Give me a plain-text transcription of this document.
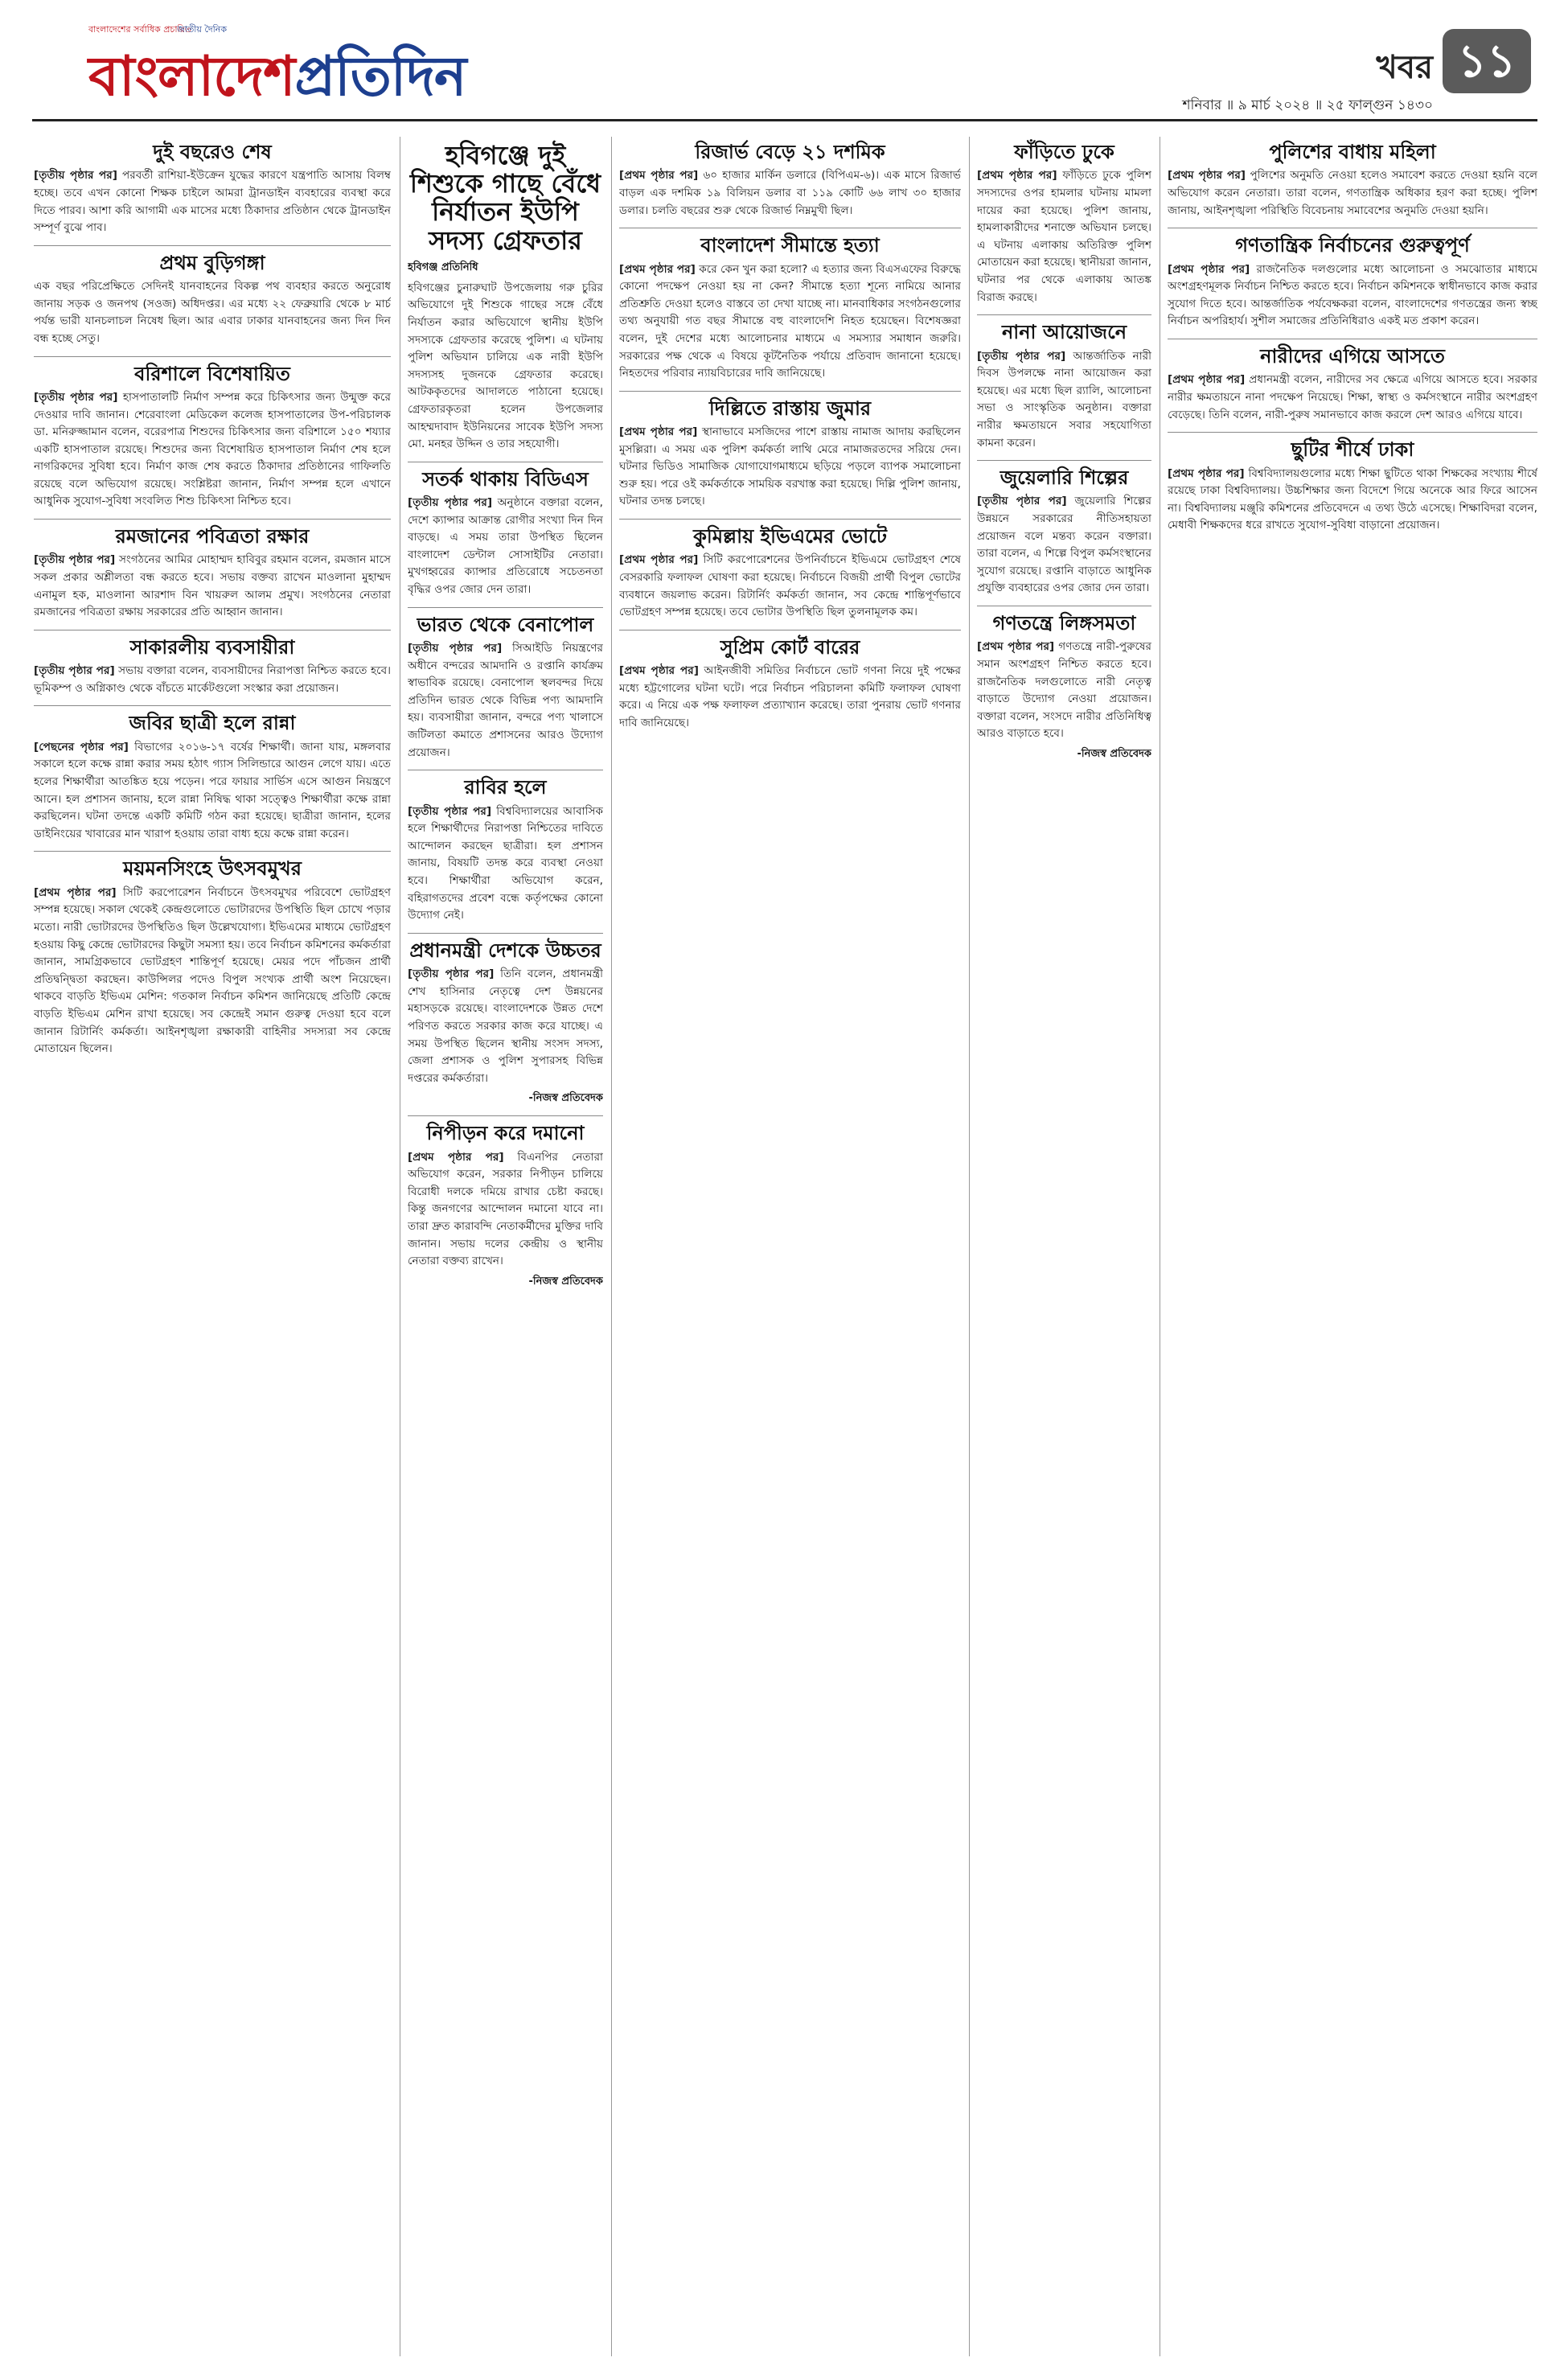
বাংলাদেশের সর্বাধিক প্রচারিত
জাতীয় দৈনিক
বাংলাদেশপ্রতিদিন	খবর ১১
শনিবার ॥ ৯ মার্চ ২০২৪ ॥ ২৫ ফাল্গুন ১৪৩০
দুই বছরেও শেষ

[তৃতীয় পৃষ্ঠার পর] পরবর্তী রাশিয়া-ইউক্রেন যুদ্ধের কারণে যন্ত্রপাতি আসায় বিলম্ব হচ্ছে। তবে এখন কোনো শিক্ষক চাইলে আমরা ট্রানডাইন ব্যবহারের ব্যবস্থা করে দিতে পারব। আশা করি আগামী এক মাসের মধ্যে ঠিকাদার প্রতিষ্ঠান থেকে ট্রানডাইন সম্পূর্ণ বুঝে পাব।

প্রথম বুড়িগঙ্গা

এক বছর পরিপ্রেক্ষিতে সেদিনই যানবাহনের বিকল্প পথ ব্যবহার করতে অনুরোধ জানায় সড়ক ও জনপথ (সওজ) অধিদপ্তর। এর মধ্যে ২২ ফেব্রুয়ারি থেকে ৮ মার্চ পর্যন্ত ভারী যানচলাচল নিষেধ ছিল। আর এবার ঢাকার যানবাহনের জন্য দিন দিন বন্ধ হচ্ছে সেতু।

বরিশালে বিশেষায়িত

[তৃতীয় পৃষ্ঠার পর] হাসপাতালটি নির্মাণ সম্পন্ন করে চিকিৎসার জন্য উন্মুক্ত করে দেওয়ার দাবি জানান। শেরেবাংলা মেডিকেল কলেজ হাসপাতালের উপ-পরিচালক ডা. মনিরুজ্জামান বলেন, বরেরপাত্র শিশুদের চিকিৎসার জন্য বরিশালে ১৫০ শয্যার একটি হাসপাতাল রয়েছে। শিশুদের জন্য বিশেষায়িত হাসপাতাল নির্মাণ শেষ হলে নাগরিকদের সুবিধা হবে। নির্মাণ কাজ শেষ করতে ঠিকাদার প্রতিষ্ঠানের গাফিলতি রয়েছে বলে অভিযোগ রয়েছে। সংশ্লিষ্টরা জানান, নির্মাণ সম্পন্ন হলে এখানে আধুনিক সুযোগ-সুবিধা সংবলিত শিশু চিকিৎসা নিশ্চিত হবে।

রমজানের পবিত্রতা রক্ষার

[তৃতীয় পৃষ্ঠার পর] সংগঠনের আমির মোহাম্মদ হাবিবুর রহমান বলেন, রমজান মাসে সকল প্রকার অশ্লীলতা বন্ধ করতে হবে। সভায় বক্তব্য রাখেন মাওলানা মুহাম্মদ এনামুল হক, মাওলানা আরশাদ বিন খায়রুল আলম প্রমুখ। সংগঠনের নেতারা রমজানের পবিত্রতা রক্ষায় সরকারের প্রতি আহ্বান জানান।

সাকারলীয় ব্যবসায়ীরা

[তৃতীয় পৃষ্ঠার পর] সভায় বক্তারা বলেন, ব্যবসায়ীদের নিরাপত্তা নিশ্চিত করতে হবে। ভূমিকম্প ও অগ্নিকাণ্ড থেকে বাঁচতে মার্কেটগুলো সংস্কার করা প্রয়োজন।

জবির ছাত্রী হলে রান্না

[পেছনের পৃষ্ঠার পর] বিভাগের ২০১৬-১৭ বর্ষের শিক্ষার্থী। জানা যায়, মঙ্গলবার সকালে হলে কক্ষে রান্না করার সময় হঠাৎ গ্যাস সিলিন্ডারে আগুন লেগে যায়। এতে হলের শিক্ষার্থীরা আতঙ্কিত হয়ে পড়েন। পরে ফায়ার সার্ভিস এসে আগুন নিয়ন্ত্রণে আনে। হল প্রশাসন জানায়, হলে রান্না নিষিদ্ধ থাকা সত্ত্বেও শিক্ষার্থীরা কক্ষে রান্না করছিলেন। ঘটনা তদন্তে একটি কমিটি গঠন করা হয়েছে। ছাত্রীরা জানান, হলের ডাইনিংয়ের খাবারের মান খারাপ হওয়ায় তারা বাধ্য হয়ে কক্ষে রান্না করেন।

ময়মনসিংহে উৎসবমুখর

[প্রথম পৃষ্ঠার পর] সিটি করপোরেশন নির্বাচনে উৎসবমুখর পরিবেশে ভোটগ্রহণ সম্পন্ন হয়েছে। সকাল থেকেই কেন্দ্রগুলোতে ভোটারদের উপস্থিতি ছিল চোখে পড়ার মতো। নারী ভোটারদের উপস্থিতিও ছিল উল্লেখযোগ্য। ইভিএমের মাধ্যমে ভোটগ্রহণ হওয়ায় কিছু কেন্দ্রে ভোটারদের কিছুটা সমস্যা হয়। তবে নির্বাচন কমিশনের কর্মকর্তারা জানান, সামগ্রিকভাবে ভোটগ্রহণ শান্তিপূর্ণ হয়েছে। মেয়র পদে পাঁচজন প্রার্থী প্রতিদ্বন্দ্বিতা করছেন। কাউন্সিলর পদেও বিপুল সংখ্যক প্রার্থী অংশ নিয়েছেন। থাকবে বাড়তি ইভিএম মেশিন: গতকাল নির্বাচন কমিশন জানিয়েছে প্রতিটি কেন্দ্রে বাড়তি ইভিএম মেশিন রাখা হয়েছে। সব কেন্দ্রেই সমান গুরুত্ব দেওয়া হবে বলে জানান রিটার্নিং কর্মকর্তা। আইনশৃঙ্খলা রক্ষাকারী বাহিনীর সদস্যরা সব কেন্দ্রে মোতায়েন ছিলেন।

হবিগঞ্জে দুই শিশুকে গাছে বেঁধে নির্যাতন ইউপি সদস্য গ্রেফতার
হবিগঞ্জ প্রতিনিধি

হবিগঞ্জের চুনারুঘাট উপজেলায় গরু চুরির অভিযোগে দুই শিশুকে গাছের সঙ্গে বেঁধে নির্যাতন করার অভিযোগে স্থানীয় ইউপি সদস্যকে গ্রেফতার করেছে পুলিশ। এ ঘটনায় পুলিশ অভিযান চালিয়ে এক নারী ইউপি সদস্যসহ দুজনকে গ্রেফতার করেছে। আটককৃতদের আদালতে পাঠানো হয়েছে। গ্রেফতারকৃতরা হলেন উপজেলার আহম্মদাবাদ ইউনিয়নের সাবেক ইউপি সদস্য মো. মনহর উদ্দিন ও তার সহযোগী।

সতর্ক থাকায় বিডিএস

[তৃতীয় পৃষ্ঠার পর] অনুষ্ঠানে বক্তারা বলেন, দেশে ক্যান্সার আক্রান্ত রোগীর সংখ্যা দিন দিন বাড়ছে। এ সময় তারা উপস্থিত ছিলেন বাংলাদেশ ডেন্টাল সোসাইটির নেতারা। মুখগহ্বরের ক্যান্সার প্রতিরোধে সচেতনতা বৃদ্ধির ওপর জোর দেন তারা।

ভারত থেকে বেনাপোল

[তৃতীয় পৃষ্ঠার পর] সিআইডি নিয়ন্ত্রণের অধীনে বন্দরের আমদানি ও রপ্তানি কার্যক্রম স্বাভাবিক রয়েছে। বেনাপোল স্থলবন্দর দিয়ে প্রতিদিন ভারত থেকে বিভিন্ন পণ্য আমদানি হয়। ব্যবসায়ীরা জানান, বন্দরে পণ্য খালাসে জটিলতা কমাতে প্রশাসনের আরও উদ্যোগ প্রয়োজন।

রাবির হলে

[তৃতীয় পৃষ্ঠার পর] বিশ্ববিদ্যালয়ের আবাসিক হলে শিক্ষার্থীদের নিরাপত্তা নিশ্চিতের দাবিতে আন্দোলন করছেন ছাত্রীরা। হল প্রশাসন জানায়, বিষয়টি তদন্ত করে ব্যবস্থা নেওয়া হবে। শিক্ষার্থীরা অভিযোগ করেন, বহিরাগতদের প্রবেশ বন্ধে কর্তৃপক্ষের কোনো উদ্যোগ নেই।

প্রধানমন্ত্রী দেশকে উচ্চতর

[তৃতীয় পৃষ্ঠার পর] তিনি বলেন, প্রধানমন্ত্রী শেখ হাসিনার নেতৃত্বে দেশ উন্নয়নের মহাসড়কে রয়েছে। বাংলাদেশকে উন্নত দেশে পরিণত করতে সরকার কাজ করে যাচ্ছে। এ সময় উপস্থিত ছিলেন স্থানীয় সংসদ সদস্য, জেলা প্রশাসক ও পুলিশ সুপারসহ বিভিন্ন দপ্তরের কর্মকর্তারা।

-নিজস্ব প্রতিবেদক
নিপীড়ন করে দমানো

[প্রথম পৃষ্ঠার পর] বিএনপির নেতারা অভিযোগ করেন, সরকার নিপীড়ন চালিয়ে বিরোধী দলকে দমিয়ে রাখার চেষ্টা করছে। কিন্তু জনগণের আন্দোলন দমানো যাবে না। তারা দ্রুত কারাবন্দি নেতাকর্মীদের মুক্তির দাবি জানান। সভায় দলের কেন্দ্রীয় ও স্থানীয় নেতারা বক্তব্য রাখেন।

-নিজস্ব প্রতিবেদক
রিজার্ভ বেড়ে ২১ দশমিক

[প্রথম পৃষ্ঠার পর] ৬০ হাজার মার্কিন ডলারে (বিপিএম-৬)। এক মাসে রিজার্ভ বাড়ল এক দশমিক ১৯ বিলিয়ন ডলার বা ১১৯ কোটি ৬৬ লাখ ৩০ হাজার ডলার। চলতি বছরের শুরু থেকে রিজার্ভ নিম্নমুখী ছিল।

বাংলাদেশ সীমান্তে হত্যা

[প্রথম পৃষ্ঠার পর] করে কেন খুন করা হলো? এ হত্যার জন্য বিএসএফের বিরুদ্ধে কোনো পদক্ষেপ নেওয়া হয় না কেন? সীমান্তে হত্যা শূন্যে নামিয়ে আনার প্রতিশ্রুতি দেওয়া হলেও বাস্তবে তা দেখা যাচ্ছে না। মানবাধিকার সংগঠনগুলোর তথ্য অনুযায়ী গত বছর সীমান্তে বহু বাংলাদেশি নিহত হয়েছেন। বিশেষজ্ঞরা বলেন, দুই দেশের মধ্যে আলোচনার মাধ্যমে এ সমস্যার সমাধান জরুরি। সরকারের পক্ষ থেকে এ বিষয়ে কূটনৈতিক পর্যায়ে প্রতিবাদ জানানো হয়েছে। নিহতদের পরিবার ন্যায়বিচারের দাবি জানিয়েছে।

দিল্লিতে রাস্তায় জুমার

[প্রথম পৃষ্ঠার পর] স্থানাভাবে মসজিদের পাশে রাস্তায় নামাজ আদায় করছিলেন মুসল্লিরা। এ সময় এক পুলিশ কর্মকর্তা লাথি মেরে নামাজরতদের সরিয়ে দেন। ঘটনার ভিডিও সামাজিক যোগাযোগমাধ্যমে ছড়িয়ে পড়লে ব্যাপক সমালোচনা শুরু হয়। পরে ওই কর্মকর্তাকে সাময়িক বরখাস্ত করা হয়েছে। দিল্লি পুলিশ জানায়, ঘটনার তদন্ত চলছে।

কুমিল্লায় ইভিএমের ভোটে

[প্রথম পৃষ্ঠার পর] সিটি করপোরেশনের উপনির্বাচনে ইভিএমে ভোটগ্রহণ শেষে বেসরকারি ফলাফল ঘোষণা করা হয়েছে। নির্বাচনে বিজয়ী প্রার্থী বিপুল ভোটের ব্যবধানে জয়লাভ করেন। রিটার্নিং কর্মকর্তা জানান, সব কেন্দ্রে শান্তিপূর্ণভাবে ভোটগ্রহণ সম্পন্ন হয়েছে। তবে ভোটার উপস্থিতি ছিল তুলনামূলক কম।

সুপ্রিম কোর্ট বারের

[প্রথম পৃষ্ঠার পর] আইনজীবী সমিতির নির্বাচনে ভোট গণনা নিয়ে দুই পক্ষের মধ্যে হট্টগোলের ঘটনা ঘটে। পরে নির্বাচন পরিচালনা কমিটি ফলাফল ঘোষণা করে। এ নিয়ে এক পক্ষ ফলাফল প্রত্যাখ্যান করেছে। তারা পুনরায় ভোট গণনার দাবি জানিয়েছে।

ফাঁড়িতে ঢুকে

[প্রথম পৃষ্ঠার পর] ফাঁড়িতে ঢুকে পুলিশ সদস্যদের ওপর হামলার ঘটনায় মামলা দায়ের করা হয়েছে। পুলিশ জানায়, হামলাকারীদের শনাক্তে অভিযান চলছে। এ ঘটনায় এলাকায় অতিরিক্ত পুলিশ মোতায়েন করা হয়েছে। স্থানীয়রা জানান, ঘটনার পর থেকে এলাকায় আতঙ্ক বিরাজ করছে।

নানা আয়োজনে

[তৃতীয় পৃষ্ঠার পর] আন্তর্জাতিক নারী দিবস উপলক্ষে নানা আয়োজন করা হয়েছে। এর মধ্যে ছিল র‌্যালি, আলোচনা সভা ও সাংস্কৃতিক অনুষ্ঠান। বক্তারা নারীর ক্ষমতায়নে সবার সহযোগিতা কামনা করেন।

জুয়েলারি শিল্পের

[তৃতীয় পৃষ্ঠার পর] জুয়েলারি শিল্পের উন্নয়নে সরকারের নীতিসহায়তা প্রয়োজন বলে মন্তব্য করেন বক্তারা। তারা বলেন, এ শিল্পে বিপুল কর্মসংস্থানের সুযোগ রয়েছে। রপ্তানি বাড়াতে আধুনিক প্রযুক্তি ব্যবহারের ওপর জোর দেন তারা।

গণতন্ত্রে লিঙ্গসমতা

[প্রথম পৃষ্ঠার পর] গণতন্ত্রে নারী-পুরুষের সমান অংশগ্রহণ নিশ্চিত করতে হবে। রাজনৈতিক দলগুলোতে নারী নেতৃত্ব বাড়াতে উদ্যোগ নেওয়া প্রয়োজন। বক্তারা বলেন, সংসদে নারীর প্রতিনিধিত্ব আরও বাড়াতে হবে।

-নিজস্ব প্রতিবেদক
পুলিশের বাধায় মহিলা

[প্রথম পৃষ্ঠার পর] পুলিশের অনুমতি নেওয়া হলেও সমাবেশ করতে দেওয়া হয়নি বলে অভিযোগ করেন নেতারা। তারা বলেন, গণতান্ত্রিক অধিকার হরণ করা হচ্ছে। পুলিশ জানায়, আইনশৃঙ্খলা পরিস্থিতি বিবেচনায় সমাবেশের অনুমতি দেওয়া হয়নি।

গণতান্ত্রিক নির্বাচনের গুরুত্বপূর্ণ

[প্রথম পৃষ্ঠার পর] রাজনৈতিক দলগুলোর মধ্যে আলোচনা ও সমঝোতার মাধ্যমে অংশগ্রহণমূলক নির্বাচন নিশ্চিত করতে হবে। নির্বাচন কমিশনকে স্বাধীনভাবে কাজ করার সুযোগ দিতে হবে। আন্তর্জাতিক পর্যবেক্ষকরা বলেন, বাংলাদেশের গণতন্ত্রের জন্য স্বচ্ছ নির্বাচন অপরিহার্য। সুশীল সমাজের প্রতিনিধিরাও একই মত প্রকাশ করেন।

নারীদের এগিয়ে আসতে

[প্রথম পৃষ্ঠার পর] প্রধানমন্ত্রী বলেন, নারীদের সব ক্ষেত্রে এগিয়ে আসতে হবে। সরকার নারীর ক্ষমতায়নে নানা পদক্ষেপ নিয়েছে। শিক্ষা, স্বাস্থ্য ও কর্মসংস্থানে নারীর অংশগ্রহণ বেড়েছে। তিনি বলেন, নারী-পুরুষ সমানভাবে কাজ করলে দেশ আরও এগিয়ে যাবে।

ছুটির শীর্ষে ঢাকা

[প্রথম পৃষ্ঠার পর] বিশ্ববিদ্যালয়গুলোর মধ্যে শিক্ষা ছুটিতে থাকা শিক্ষকের সংখ্যায় শীর্ষে রয়েছে ঢাকা বিশ্ববিদ্যালয়। উচ্চশিক্ষার জন্য বিদেশে গিয়ে অনেকে আর ফিরে আসেন না। বিশ্ববিদ্যালয় মঞ্জুরি কমিশনের প্রতিবেদনে এ তথ্য উঠে এসেছে। শিক্ষাবিদরা বলেন, মেধাবী শিক্ষকদের ধরে রাখতে সুযোগ-সুবিধা বাড়ানো প্রয়োজন।
